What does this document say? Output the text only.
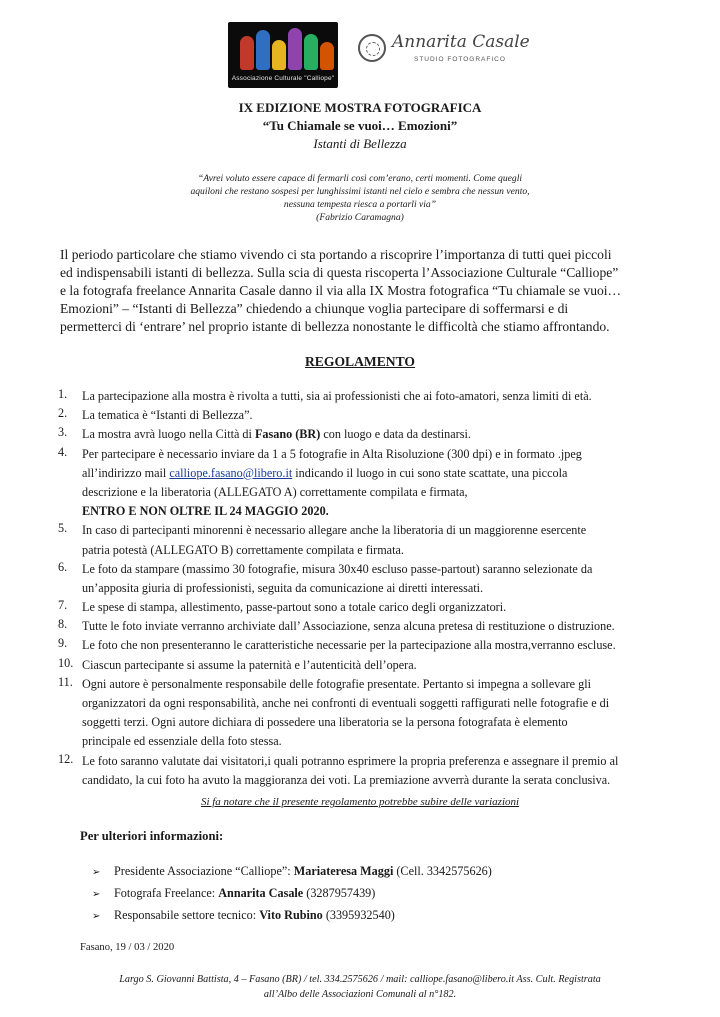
Associazione Culturale "Calliope"
Annarita Casale
STUDIO FOTOGRAFICO
IX EDIZIONE MOSTRA FOTOGRAFICA
“Tu Chiamale se vuoi… Emozioni”
Istanti di Bellezza
“Avrei voluto essere capace di fermarli così com’erano, certi momenti. Come quegli
aquiloni che restano sospesi per lunghissimi istanti nel cielo e sembra che nessun vento,
nessuna tempesta riesca a portarli via”
(Fabrizio Caramagna)
Il periodo particolare che stiamo vivendo ci sta portando a riscoprire l’importanza di tutti quei piccoli
ed indispensabili istanti di bellezza. Sulla scia di questa riscoperta l’Associazione Culturale “Calliope”
e la fotografa freelance Annarita Casale danno il via alla IX Mostra fotografica “Tu chiamale se vuoi…
Emozioni” – “Istanti di Bellezza” chiedendo a chiunque voglia partecipare di soffermarsi e di
permetterci di ‘entrare’ nel proprio istante di bellezza nonostante le difficoltà che stiamo affrontando.
REGOLAMENTO
1. La partecipazione alla mostra è rivolta a tutti, sia ai professionisti che ai foto-amatori, senza limiti di età.
2. La tematica è “Istanti di Bellezza”.
3. La mostra avrà luogo nella Città di Fasano (BR) con luogo e data da destinarsi.
4. Per partecipare è necessario inviare da 1 a 5 fotografie in Alta Risoluzione (300 dpi) e in formato .jpeg
all’indirizzo mail calliope.fasano@libero.it indicando il luogo in cui sono state scattate, una piccola
descrizione e la liberatoria (ALLEGATO A) correttamente compilata e firmata,
ENTRO E NON OLTRE IL 24 MAGGIO 2020.
5. In caso di partecipanti minorenni è necessario allegare anche la liberatoria di un maggiorenne esercente
patria potestà (ALLEGATO B) correttamente compilata e firmata.
6. Le foto da stampare (massimo 30 fotografie, misura 30x40 escluso passe-partout) saranno selezionate da
un’apposita giuria di professionisti, seguita da comunicazione ai diretti interessati.
7. Le spese di stampa, allestimento, passe-partout sono a totale carico degli organizzatori.
8. Tutte le foto inviate verranno archiviate dall’ Associazione, senza alcuna pretesa di restituzione o distruzione.
9. Le foto che non presenteranno le caratteristiche necessarie per la partecipazione alla mostra,verranno escluse.
10. Ciascun partecipante si assume la paternità e l’autenticità dell’opera.
11. Ogni autore è personalmente responsabile delle fotografie presentate. Pertanto si impegna a sollevare gli
organizzatori da ogni responsabilità, anche nei confronti di eventuali soggetti raffigurati nelle fotografie e di
soggetti terzi. Ogni autore dichiara di possedere una liberatoria se la persona fotografata è elemento
principale ed essenziale della foto stessa.
12. Le foto saranno valutate dai visitatori,i quali potranno esprimere la propria preferenza e assegnare il premio al
candidato, la cui foto ha avuto la maggioranza dei voti. La premiazione avverrà durante la serata conclusiva.
Si fa notare che il presente regolamento potrebbe subire delle variazioni
Per ulteriori informazioni:
➢ Presidente Associazione “Calliope”: Mariateresa Maggi (Cell. 3342575626)
➢ Fotografa Freelance: Annarita Casale (3287957439)
➢ Responsabile settore tecnico: Vito Rubino (3395932540)
Fasano, 19 / 03 / 2020
Largo S. Giovanni Battista, 4 – Fasano (BR) / tel. 334.2575626 / mail: calliope.fasano@libero.it Ass. Cult. Registrata
all’Albo delle Associazioni Comunali al n°182.
